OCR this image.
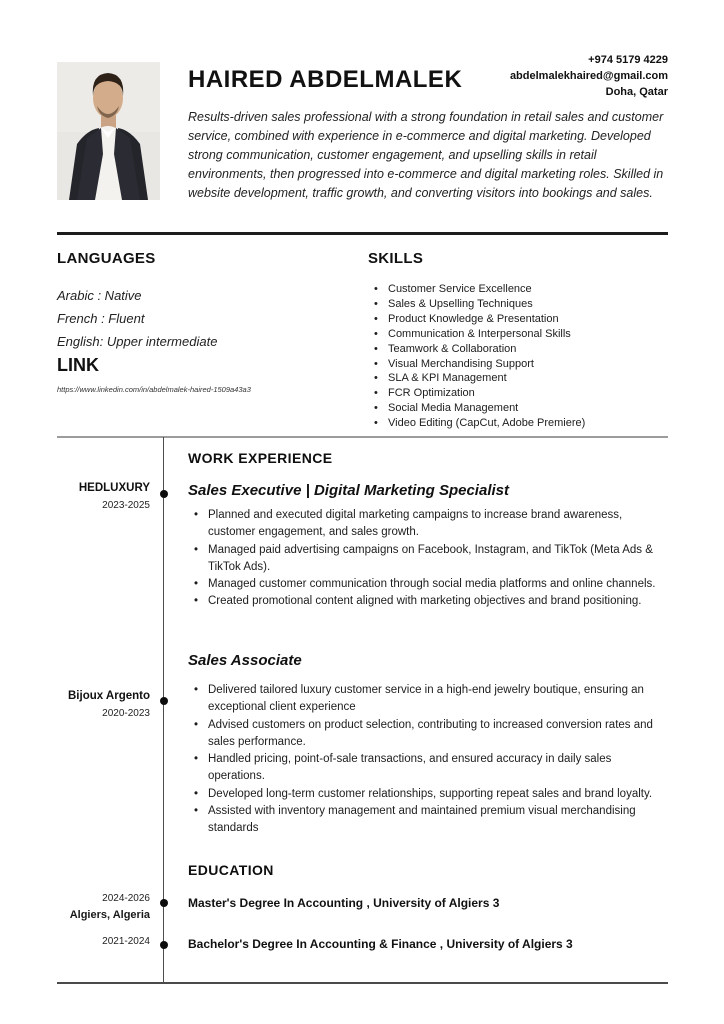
HAIRED ABDELMALEK
+974 5179 4229
abdelmalekhaired@gmail.com
Doha, Qatar

Results-driven sales professional with a strong foundation in retail sales and customer service, combined with experience in e-commerce and digital marketing. Developed strong communication, customer engagement, and upselling skills in retail environments, then progressed into e-commerce and digital marketing roles. Skilled in website development, traffic growth, and converting visitors into bookings and sales.

LANGUAGES
Arabic : Native
French : Fluent
English: Upper intermediate
LINK
https://www.linkedin.com/in/abdelmalek-haired-1509a43a3
SKILLS
• Customer Service Excellence
• Sales & Upselling Techniques
• Product Knowledge & Presentation
• Communication & Interpersonal Skills
• Teamwork & Collaboration
• Visual Merchandising Support
• SLA & KPI Management
• FCR Optimization
• Social Media Management
• Video Editing (CapCut, Adobe Premiere)
HEDLUXURY
2023-2025
Bijoux Argento
2020-2023
2024-2026
Algiers, Algeria
2021-2024
WORK EXPERIENCE
Sales Executive | Digital Marketing Specialist
• Planned and executed digital marketing campaigns to increase brand awareness, customer engagement, and sales growth.
• Managed paid advertising campaigns on Facebook, Instagram, and TikTok (Meta Ads & TikTok Ads).
• Managed customer communication through social media platforms and online channels.
• Created promotional content aligned with marketing objectives and brand positioning.
Sales Associate
• Delivered tailored luxury customer service in a high-end jewelry boutique, ensuring an exceptional client experience
• Advised customers on product selection, contributing to increased conversion rates and sales performance.
• Handled pricing, point-of-sale transactions, and ensured accuracy in daily sales operations.
• Developed long-term customer relationships, supporting repeat sales and brand loyalty.
• Assisted with inventory management and maintained premium visual merchandising standards
EDUCATION
Master's Degree In Accounting , University of Algiers 3
Bachelor's Degree In Accounting & Finance , University of Algiers 3
